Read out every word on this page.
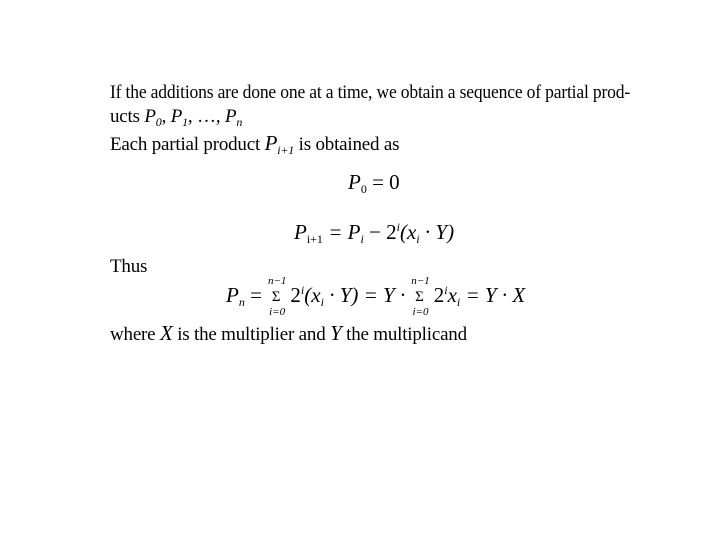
If the additions are done one at a time, we obtain a sequence of partial prod-
ucts $P_0$, $P_1$, …, $P_n$
Each partial product $P_{i+1}$ is obtained as
$P_0 = 0$
$P_{i+1} = P_i - 2^i(x_i \cdot Y)$
Thus
$P_n$ =
n−1
Σ
i=0
$2^i(x_i \cdot Y) = Y$ ·
n−1
Σ
i=0
$2^ix_i = Y \cdot X$
where X is the multiplier and Y the multiplicand
